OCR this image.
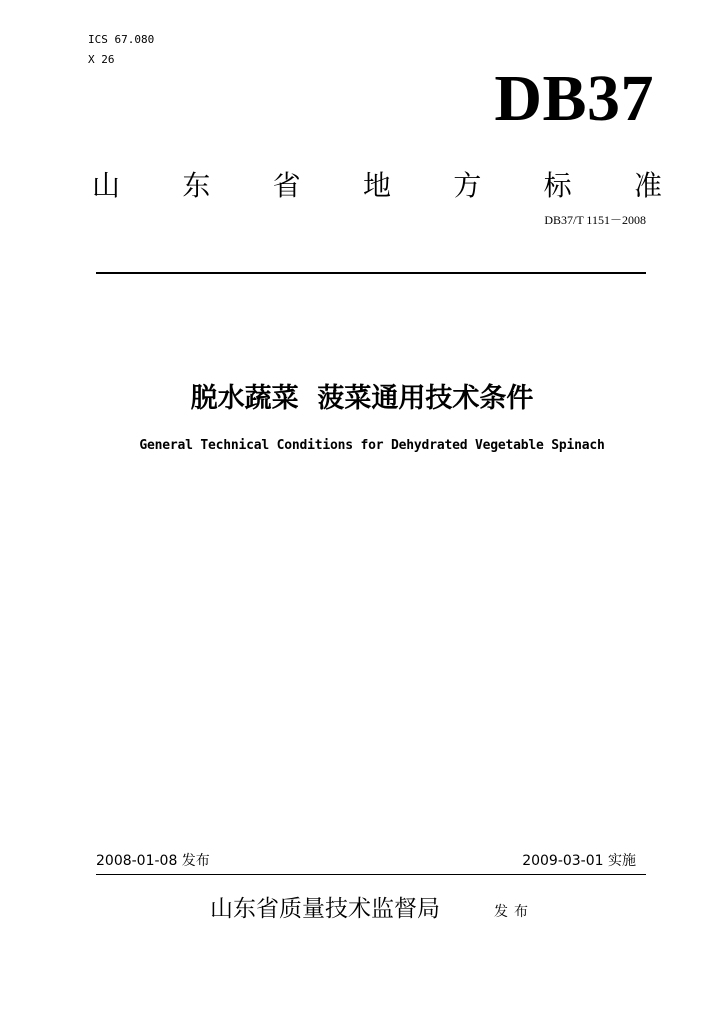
ICS 67.080
X 26
DB37
山 东 省 地 方 标 准
DB37/T 1151－2008
脱水蔬菜  菠菜通用技术条件
General Technical Conditions for Dehydrated Vegetable Spinach
2008-01-08 发布	2009-03-01 实施
山东省质量技术监督局	发布
